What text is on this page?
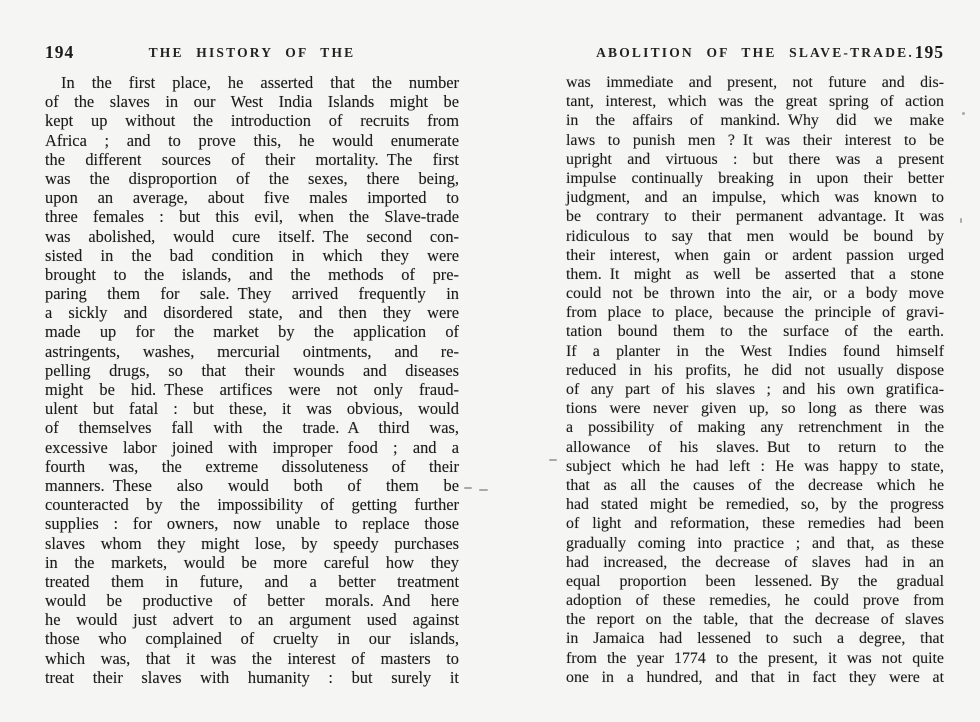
194	THE HISTORY OF THE
In the first place, he asserted that the number
of the slaves in our West India Islands might be
kept up without the introduction of recruits from
Africa ; and to prove this, he would enumerate
the different sources of their mortality. The first
was the disproportion of the sexes, there being,
upon an average, about five males imported to
three females : but this evil, when the Slave-trade
was abolished, would cure itself. The second con-
sisted in the bad condition in which they were
brought to the islands, and the methods of pre-
paring them for sale. They arrived frequently in
a sickly and disordered state, and then they were
made up for the market by the application of
astringents, washes, mercurial ointments, and re-
pelling drugs, so that their wounds and diseases
might be hid. These artifices were not only fraud-
ulent but fatal : but these, it was obvious, would
of themselves fall with the trade. A third was,
excessive labor joined with improper food ; and a
fourth was, the extreme dissoluteness of their
manners. These also would both of them be
counteracted by the impossibility of getting further
supplies : for owners, now unable to replace those
slaves whom they might lose, by speedy purchases
in the markets, would be more careful how they
treated them in future, and a better treatment
would be productive of better morals. And here
he would just advert to an argument used against
those who complained of cruelty in our islands,
which was, that it was the interest of masters to
treat their slaves with humanity : but surely it
ABOLITION OF THE SLAVE-TRADE. 195
was immediate and present, not future and dis-
tant, interest, which was the great spring of action
in the affairs of mankind. Why did we make
laws to punish men ? It was their interest to be
upright and virtuous : but there was a present
impulse continually breaking in upon their better
judgment, and an impulse, which was known to
be contrary to their permanent advantage. It was
ridiculous to say that men would be bound by
their interest, when gain or ardent passion urged
them. It might as well be asserted that a stone
could not be thrown into the air, or a body move
from place to place, because the principle of gravi-
tation bound them to the surface of the earth.
If a planter in the West Indies found himself
reduced in his profits, he did not usually dispose
of any part of his slaves ; and his own gratifica-
tions were never given up, so long as there was
a possibility of making any retrenchment in the
allowance of his slaves. But to return to the
subject which he had left : He was happy to state,
that as all the causes of the decrease which he
had stated might be remedied, so, by the progress
of light and reformation, these remedies had been
gradually coming into practice ; and that, as these
had increased, the decrease of slaves had in an
equal proportion been lessened. By the gradual
adoption of these remedies, he could prove from
the report on the table, that the decrease of slaves
in Jamaica had lessened to such a degree, that
from the year 1774 to the present, it was not quite
one in a hundred, and that in fact they were at
